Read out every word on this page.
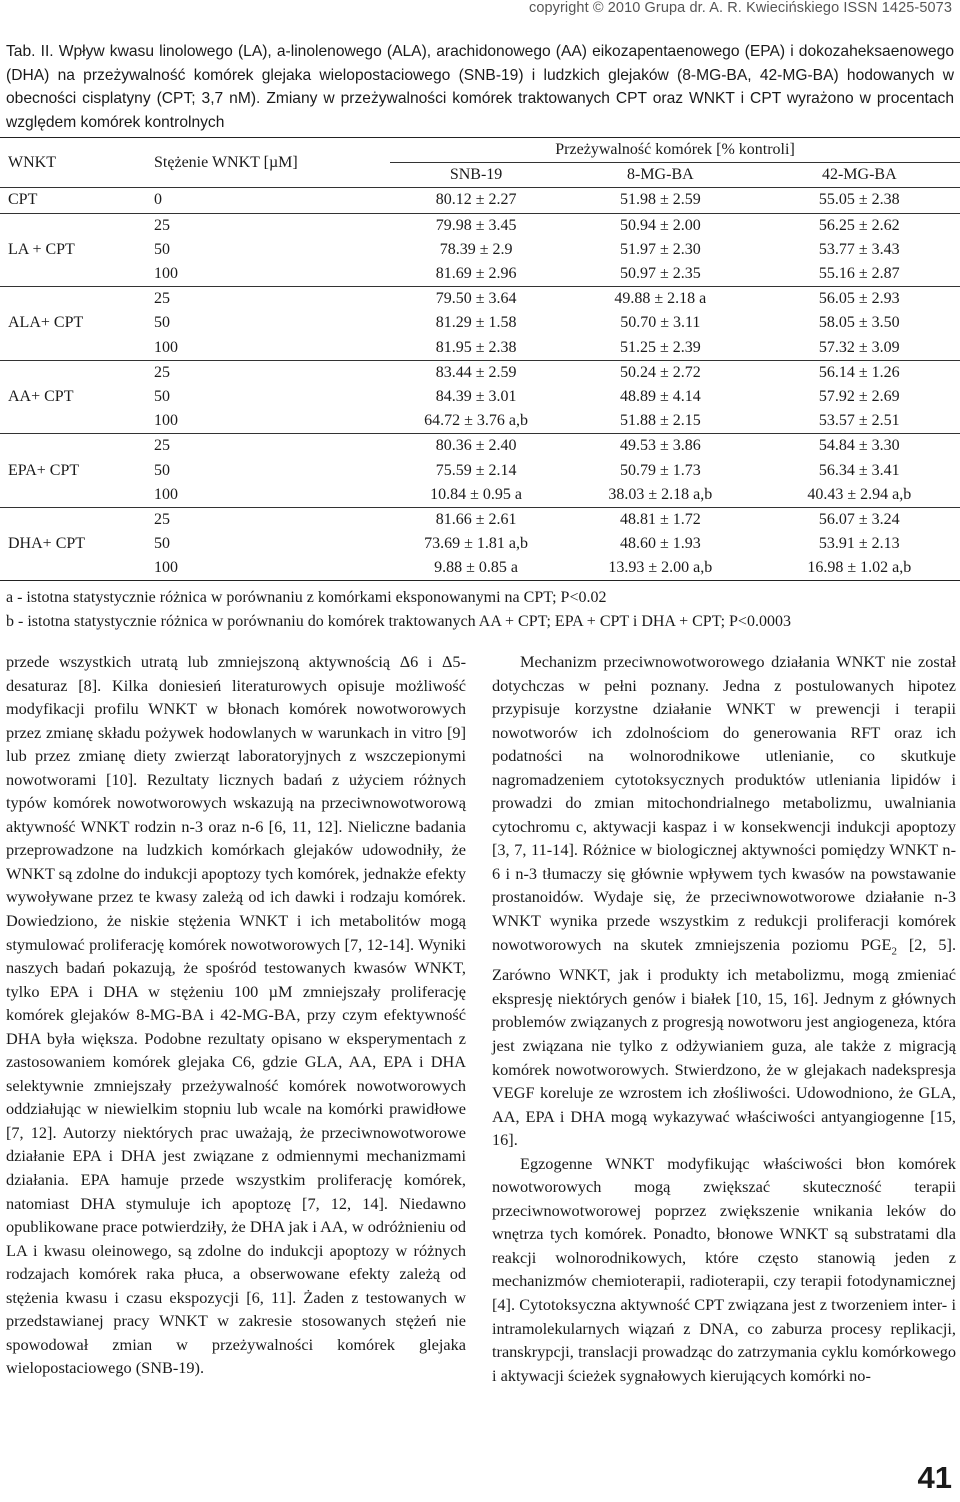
copyright © 2010 Grupa dr. A. R. Kwiecińskiego ISSN 1425-5073
Tab. II. Wpływ kwasu linolowego (LA), a-linolenowego (ALA), arachidonowego (AA) eikozapentaenowego (EPA) i dokozaheksaenowego (DHA) na przeżywalność komórek glejaka wielopostaciowego (SNB-19) i ludzkich glejaków (8-MG-BA, 42-MG-BA) hodowanych w obecności cisplatyny (CPT; 3,7 nM). Zmiany w przeżywalności komórek traktowanych CPT oraz WNKT i CPT wyrażono w procentach względem komórek kontrolnych
WNKT	Stężenie WNKT [µM]	Przeżywalność komórek [% kontroli]		
		SNB-19	8-MG-BA	42-MG-BA
CPT	0	80.12 ± 2.27	51.98 ± 2.59	55.05 ± 2.38
LA + CPT	25	79.98 ± 3.45	50.94 ± 2.00	56.25 ± 2.62
	50	78.39 ± 2.9	51.97 ± 2.30	53.77 ± 3.43
	100	81.69 ± 2.96	50.97 ± 2.35	55.16 ± 2.87
ALA+ CPT	25	79.50 ± 3.64	49.88 ± 2.18 a	56.05 ± 2.93
	50	81.29 ± 1.58	50.70 ± 3.11	58.05 ± 3.50
	100	81.95 ± 2.38	51.25 ± 2.39	57.32 ± 3.09
AA+ CPT	25	83.44 ± 2.59	50.24 ± 2.72	56.14 ± 1.26
	50	84.39 ± 3.01	48.89 ± 4.14	57.92 ± 2.69
	100	64.72 ± 3.76 a,b	51.88 ± 2.15	53.57 ± 2.51
EPA+ CPT	25	80.36 ± 2.40	49.53 ± 3.86	54.84 ± 3.30
	50	75.59 ± 2.14	50.79 ± 1.73	56.34 ± 3.41
	100	10.84 ± 0.95 a	38.03 ± 2.18 a,b	40.43 ± 2.94 a,b
DHA+ CPT	25	81.66 ± 2.61	48.81 ± 1.72	56.07 ± 3.24
	50	73.69 ± 1.81 a,b	48.60 ± 1.93	53.91 ± 2.13
	100	9.88 ± 0.85 a	13.93 ± 2.00 a,b	16.98 ± 1.02 a,b
a - istotna statystycznie różnica w porównaniu z komórkami eksponowanymi na CPT; P<0.02
b - istotna statystycznie różnica w porównaniu do komórek traktowanych AA + CPT; EPA + CPT i DHA + CPT; P<0.0003

przede wszystkich utratą lub zmniejszoną aktywnością Δ6 i Δ5-desaturaz [8]. Kilka doniesień literaturowych opisuje możliwość modyfikacji profilu WNKT w błonach komórek nowotworowych przez zmianę składu pożywek hodowlanych w warunkach in vitro [9] lub przez zmianę diety zwierząt laboratoryjnych z wszczepionymi nowotworami [10]. Rezultaty licznych badań z użyciem różnych typów komórek nowotworowych wskazują na przeciwnowotworową aktywność WNKT rodzin n-3 oraz n-6 [6, 11, 12]. Nieliczne badania przeprowadzone na ludzkich komórkach glejaków udowodniły, że WNKT są zdolne do indukcji apoptozy tych komórek, jednakże efekty wywoływane przez te kwasy zależą od ich dawki i rodzaju komórek. Dowiedziono, że niskie stężenia WNKT i ich metabolitów mogą stymulować proliferację komórek nowotworowych [7, 12-14]. Wyniki naszych badań pokazują, że spośród testowanych kwasów WNKT, tylko EPA i DHA w stężeniu 100 µM zmniejszały proliferację komórek glejaków 8-MG-BA i 42-MG-BA, przy czym efektywność DHA była większa. Podobne rezultaty opisano w eksperymentach z zastosowaniem komórek glejaka C6, gdzie GLA, AA, EPA i DHA selektywnie zmniejszały przeżywalność komórek nowotworowych oddziałując w niewielkim stopniu lub wcale na komórki prawidłowe [7, 12]. Autorzy niektórych prac uważają, że przeciwnowotworowe działanie EPA i DHA jest związane z odmiennymi mechanizmami działania. EPA hamuje przede wszystkim proliferację komórek, natomiast DHA stymuluje ich apoptozę [7, 12, 14]. Niedawno opublikowane prace potwierdziły, że DHA jak i AA, w odróżnieniu od LA i kwasu oleinowego, są zdolne do indukcji apoptozy w różnych rodzajach komórek raka płuca, a obserwowane efekty zależą od stężenia kwasu i czasu ekspozycji [6, 11]. Żaden z testowanych w przedstawianej pracy WNKT w zakresie stosowanych stężeń nie spowodował zmian w przeżywalności komórek glejaka wielopostaciowego (SNB-19).

Mechanizm przeciwnowotworowego działania WNKT nie został dotychczas w pełni poznany. Jedna z postulowanych hipotez przypisuje korzystne działanie WNKT w prewencji i terapii nowotworów ich zdolnościom do generowania RFT oraz ich podatności na wolnorodnikowe utlenianie, co skutkuje nagromadzeniem cytotoksycznych produktów utleniania lipidów i prowadzi do zmian mitochondrialnego metabolizmu, uwalniania cytochromu c, aktywacji kaspaz i w konsekwencji indukcji apoptozy [3, 7, 11-14]. Różnice w biologicznej aktywności pomiędzy WNKT n-6 i n-3 tłumaczy się głównie wpływem tych kwasów na powstawanie prostanoidów. Wydaje się, że przeciwnowotworowe działanie n-3 WNKT wynika przede wszystkim z redukcji proliferacji komórek nowotworowych na skutek zmniejszenia poziomu $PGE_2$ [2, 5]. Zarówno WNKT, jak i produkty ich metabolizmu, mogą zmieniać ekspresję niektórych genów i białek [10, 15, 16]. Jednym z głównych problemów związanych z progresją nowotworu jest angiogeneza, która jest związana nie tylko z odżywianiem guza, ale także z migracją komórek nowotworowych. Stwierdzono, że w glejakach nadekspresja VEGF koreluje ze wzrostem ich złośliwości. Udowodniono, że GLA, AA, EPA i DHA mogą wykazywać właściwości antyangiogenne [15, 16].

Egzogenne WNKT modyfikując właściwości błon komórek nowotworowych mogą zwiększać skuteczność terapii przeciwnowotworowej poprzez zwiększenie wnikania leków do wnętrza tych komórek. Ponadto, błonowe WNKT są substratami dla reakcji wolnorodnikowych, które często stanowią jeden z mechanizmów chemioterapii, radioterapii, czy terapii fotodynamicznej [4]. Cytotoksyczna aktywność CPT związana jest z tworzeniem inter- i intramolekularnych wiązań z DNA, co zaburza procesy replikacji, transkrypcji, translacji prowadząc do zatrzymania cyklu komórkowego i aktywacji ścieżek sygnałowych kierujących komórki no-

41
